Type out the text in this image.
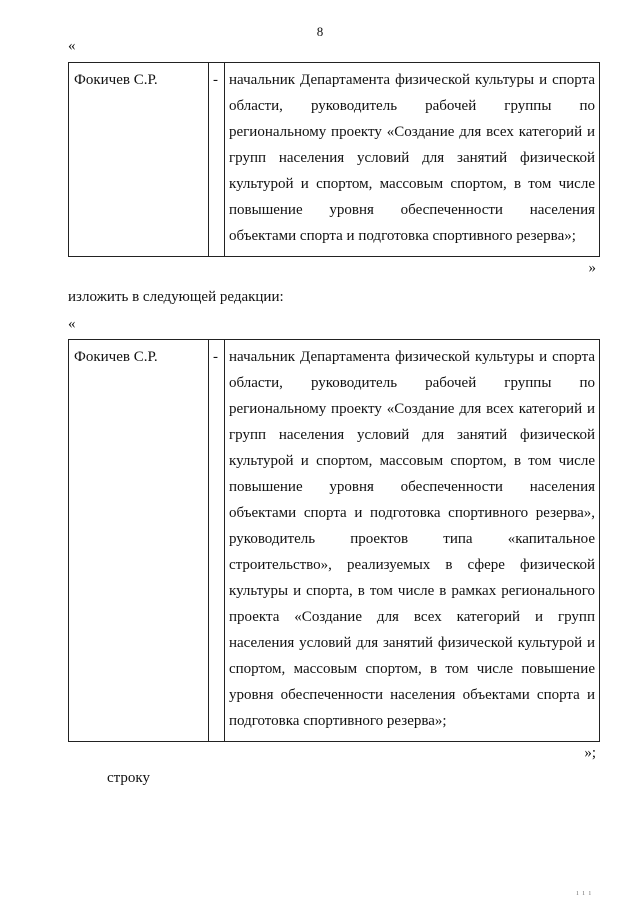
8
«
Фокичев С.Р.	- начальник Департамента физической культуры и спорта
области, руководитель рабочей группы по
региональному проекту «Создание для всех категорий и
групп населения условий для занятий физической
культурой и спортом, массовым спортом, в том числе
повышение уровня обеспеченности населения
объектами спорта и подготовка спортивного резерва»;
»
изложить в следующей редакции:
«
Фокичев С.Р.	- начальник Департамента физической культуры и спорта
области, руководитель рабочей группы по
региональному проекту «Создание для всех категорий и
групп населения условий для занятий физической
культурой и спортом, массовым спортом, в том числе
повышение уровня обеспеченности населения
объектами спорта и подготовка спортивного резерва»,
руководитель проектов типа «капитальное
строительство», реализуемых в сфере физической
культуры и спорта, в том числе в рамках регионального
проекта «Создание для всех категорий и групп
населения условий для занятий физической культурой и
спортом, массовым спортом, в том числе повышение
уровня обеспеченности населения объектами спорта и
подготовка спортивного резерва»;
»;
строку
ı ı ı
